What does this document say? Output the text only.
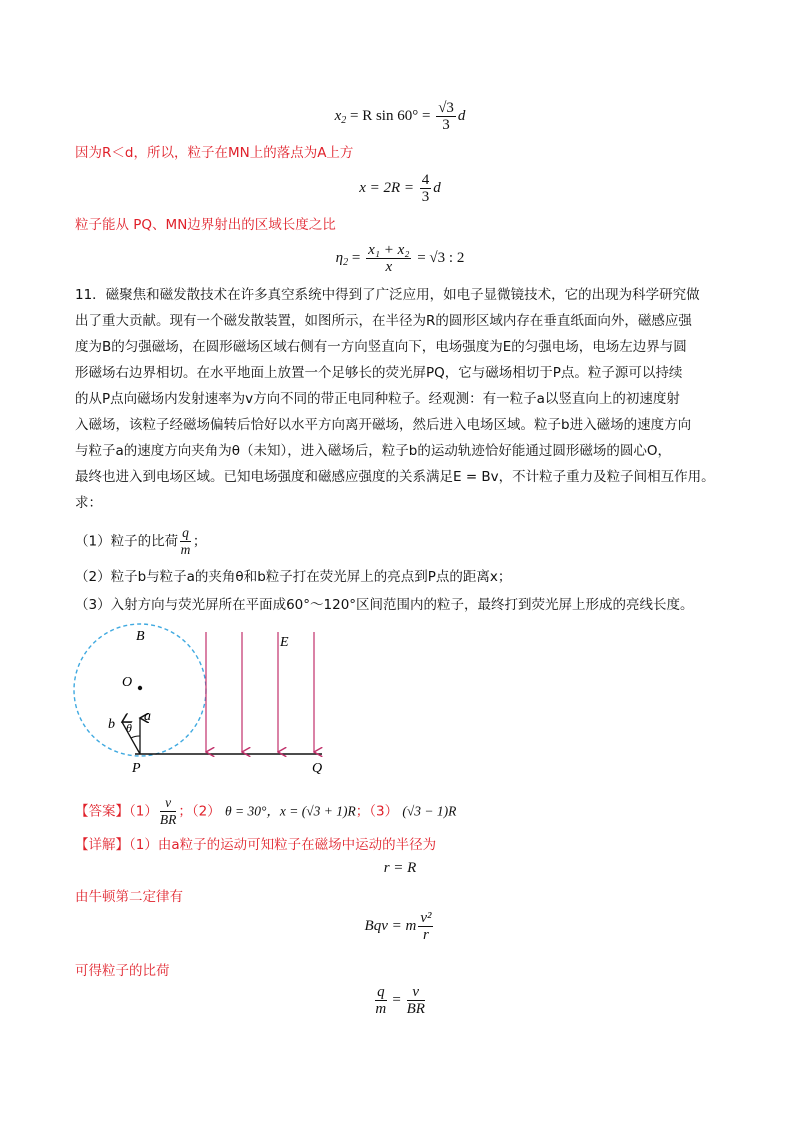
$x_2 = R$ $\sin 60^\circ = \frac{√3}{3}$ d
因为R＜d，所以，粒子在MN上的落点为A上方
$x = 2R = \frac{4}{3}$ d
粒子能从 PQ、MN边界射出的区域长度之比
$\eta_2 = \frac{\text{x₁ + x₂}}{x} = √3$ : 2
11．磁聚焦和磁发散技术在许多真空系统中得到了广泛应用，如电子显微镜技术，它的出现为科学研究做
出了重大贡献。现有一个磁发散装置，如图所示，在半径为R的圆形区域内存在垂直纸面向外，磁感应强
度为B的匀强磁场，在圆形磁场区域右侧有一方向竖直向下，电场强度为E的匀强电场，电场左边界与圆
形磁场右边界相切。在水平地面上放置一个足够长的荧光屏PQ，它与磁场相切于P点。粒子源可以持续
的从P点向磁场内发射速率为v方向不同的带正电同种粒子。经观测：有一粒子a以竖直向上的初速度射
入磁场，该粒子经磁场偏转后恰好以水平方向离开磁场，然后进入电场区域。粒子b进入磁场的速度方向
与粒子a的速度方向夹角为θ（未知），进入磁场后，粒子b的运动轨迹恰好能通过圆形磁场的圆心O，
最终也进入到电场区域。已知电场强度和磁感应强度的关系满足E = Bv，不计粒子重力及粒子间相互作用。
求：
（1）粒子的比荷 $\frac{q}{m}$ ；
（2）粒子b与粒子a的夹角θ和b粒子打在荧光屏上的亮点到P点的距离x；
（3）入射方向与荧光屏所在平面成60°～120°区间范围内的粒子，最终打到荧光屏上形成的亮线长度。
B	E
O
a
b θ
P	Q
【答案】$(1) \frac{v}{BR}$ ；（2） θ = 30°，x = (√3 + 1)R；（3） (√3 − 1)R
【详解】（1）由a粒子的运动可知粒子在磁场中运动的半径为
r = R
由牛顿第二定律有
Bqv = m $\frac{\text{v²}}{r}$
可得粒子的比荷
$\frac{q}{m} = \frac{v}{BR}$
